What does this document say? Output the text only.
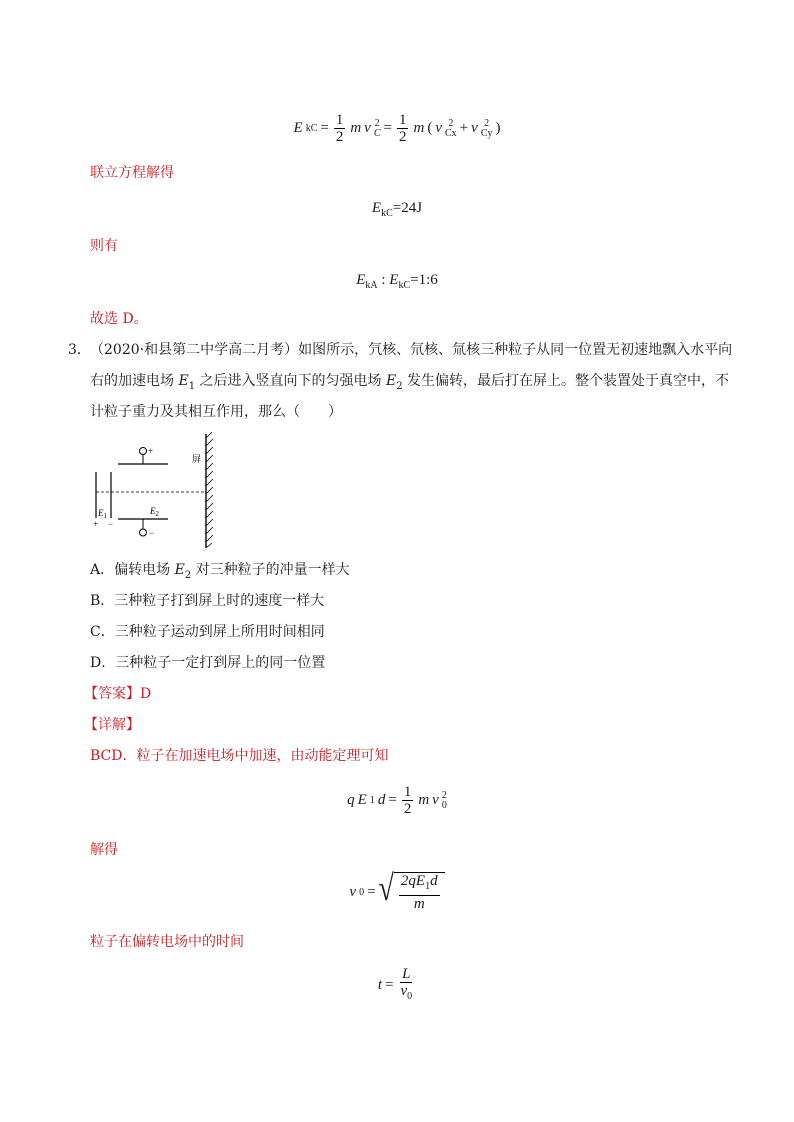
E kC = $\frac{1}{2}$ m v 2
$C = \frac{1}{2}$ m ( v 2
Cx + v 2
Cy )
联立方程解得
$E_{kC}=24J$
则有
$E_{kA}$ : $E_{kC}=1:6$
故选 D。
3． （2020·和县第二中学高二月考）如图所示，氕核、氘核、氚核三种粒子从同一位置无初速地飘入水平向
右的加速电场 $E_1$ 之后进入竖直向下的匀强电场 $E_2$ 发生偏转，最后打在屏上。整个装置处于真空中，不
计粒子重力及其相互作用，那么（　　）
+
−
$E_1$	$E_2$
+ −
屏
A．偏转电场 $E_2$ 对三种粒子的冲量一样大
B．三种粒子打到屏上时的速度一样大
C．三种粒子运动到屏上所用时间相同
D．三种粒子一定打到屏上的同一位置
【答案】D
【详解】
BCD．粒子在加速电场中加速，由动能定理可知
q E 1 $d = \frac{1}{2}$ m v 2
0
解得
v 0 = √ $\frac{2qE_1d}{m}$
粒子在偏转电场中的时间
$t = \frac{L}{v_0}$
